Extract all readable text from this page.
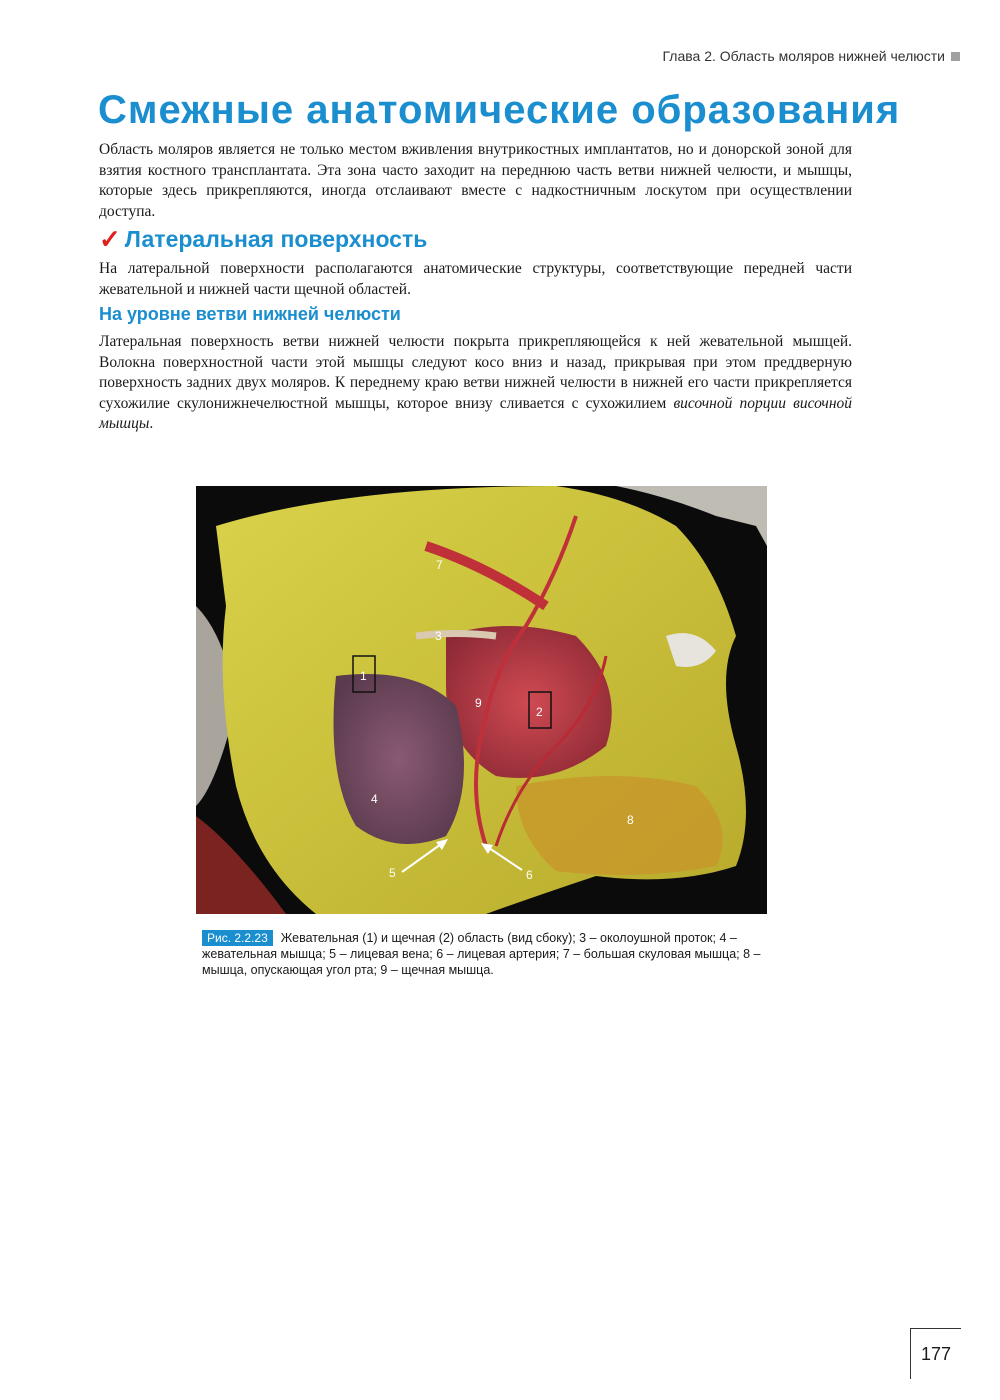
Глава 2. Область моляров нижней челюсти
Смежные анатомические образования

Область моляров является не только местом вживления внутрикостных имплантатов, но и донорской зоной для взятия костного трансплантата. Эта зона часто заходит на переднюю часть ветви нижней челюсти, и мышцы, которые здесь прикрепляются, иногда отслаивают вместе с надкостничным лоскутом при осуществлении доступа.

✓ Латеральная поверхность

На латеральной поверхности располагаются анатомические структуры, соответствующие передней части жевательной и нижней части щечной областей.

На уровне ветви нижней челюсти

Латеральная поверхность ветви нижней челюсти покрыта прикрепляющейся к ней жевательной мышцей. Волокна поверхностной части этой мышцы следуют косо вниз и назад, прикрывая при этом преддверную поверхность задних двух моляров. К переднему краю ветви нижней челюсти в нижней его части прикрепляется сухожилие скулонижнечелюстной мышцы, которое внизу сливается с сухожилием височной порции височной мышцы.

1
2
3
4
5	6
7
8
9
Рис. 2.2.23 Жевательная (1) и щечная (2) область (вид сбоку); 3 – околоушной проток; 4 – жевательная мышца; 5 – лицевая вена; 6 – лицевая артерия; 7 – большая скуловая мышца; 8 – мышца, опускающая угол рта; 9 – щечная мышца.
177
